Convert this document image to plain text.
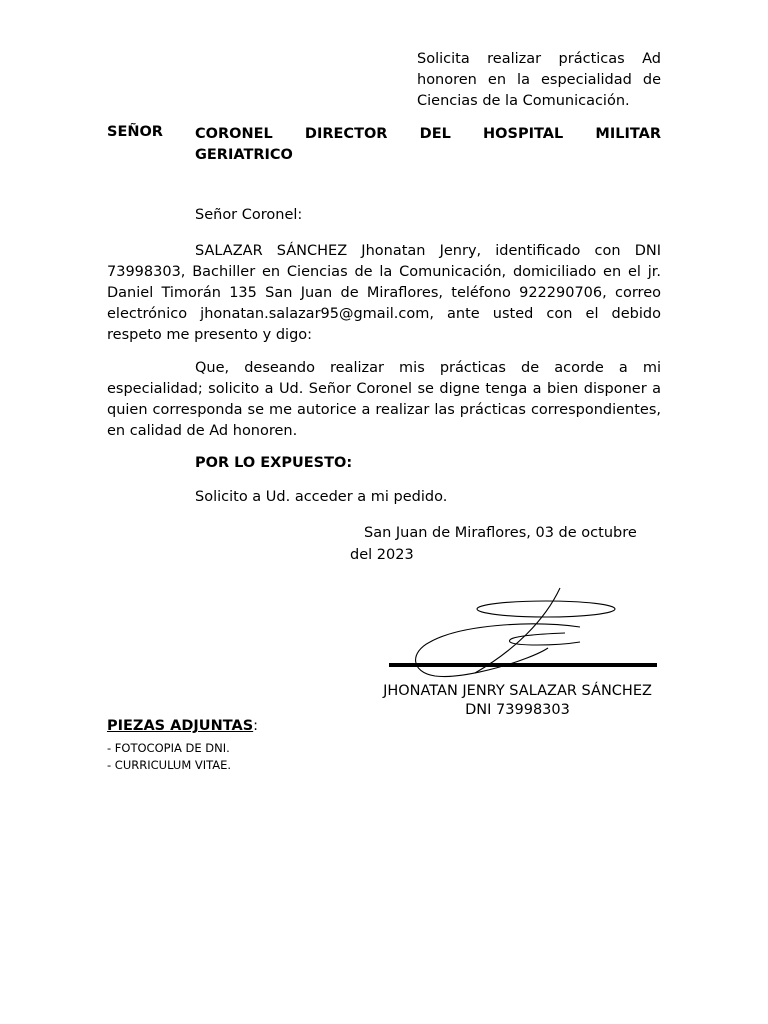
Solicita realizar prácticas Ad
honoren en la especialidad de
Ciencias de la Comunicación.
SEÑOR CORONEL DIRECTOR DEL HOSPITAL MILITAR
GERIATRICO
Señor Coronel:

SALAZAR SÁNCHEZ Jhonatan Jenry, identificado con DNI 73998303, Bachiller en Ciencias de la Comunicación, domiciliado en el jr. Daniel Timorán 135 San Juan de Miraflores, teléfono 922290706, correo electrónico jhonatan.salazar95@gmail.com, ante usted con el debido respeto me presento y digo:

Que, deseando realizar mis prácticas de acorde a mi especialidad; solicito a Ud. Señor Coronel se digne tenga a bien disponer a quien corresponda se me autorice a realizar las prácticas correspondientes, en calidad de Ad honoren.

POR LO EXPUESTO:
Solicito a Ud. acceder a mi pedido.
San Juan de Miraflores, 03 de octubre
del 2023
JHONATAN JENRY SALAZAR SÁNCHEZ
DNI 73998303
PIEZAS ADJUNTAS:
- FOTOCOPIA DE DNI.
- CURRICULUM VITAE.
